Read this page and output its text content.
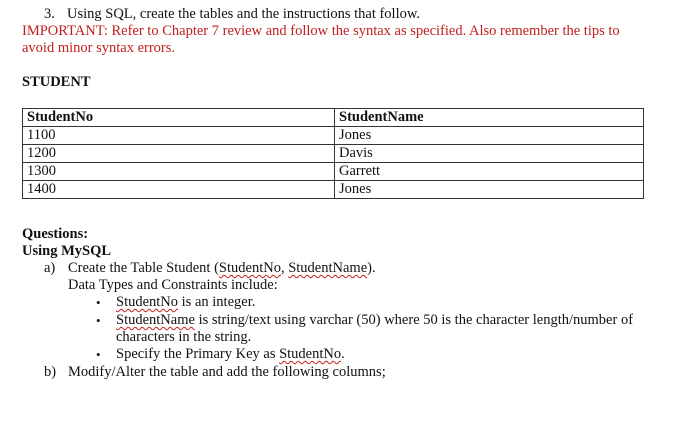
3. Using SQL, create the tables and the instructions that follow.
IMPORTANT: Refer to Chapter 7 review and follow the syntax as specified. Also remember the tips to
avoid minor syntax errors.
STUDENT
StudentNo	StudentName
1100	Jones
1200	Davis
1300	Garrett
1400	Jones
Questions:
Using MySQL
a) Create the Table Student (StudentNo, StudentName).
Data Types and Constraints include:
• StudentNo is an integer.
• StudentName is string/text using varchar (50) where 50 is the character length/number of
characters in the string.
• Specify the Primary Key as StudentNo.
b) Modify/Alter the table and add the following columns;
